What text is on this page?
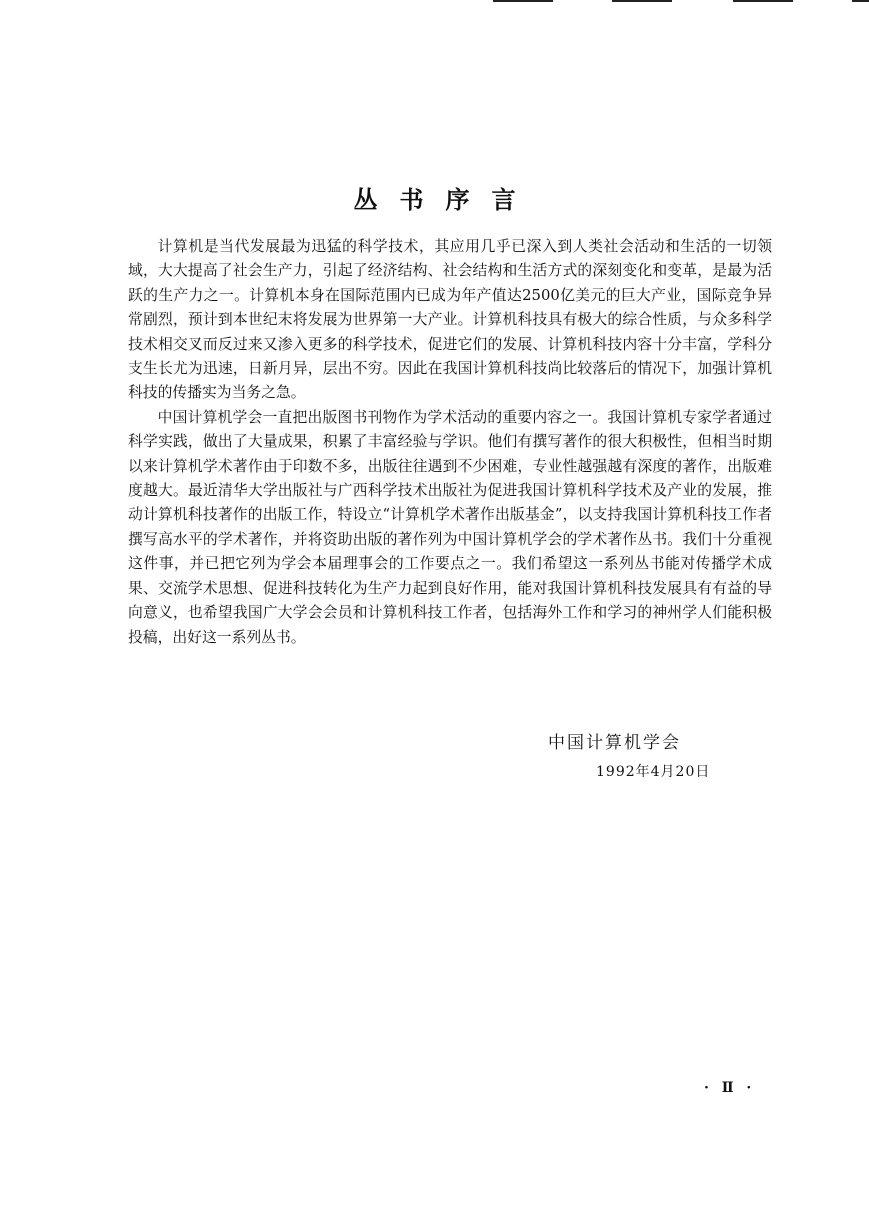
丛书序言

计算机是当代发展最为迅猛的科学技术，其应用几乎已深入到人类社会活动和生活的一切领域，大大提高了社会生产力，引起了经济结构、社会结构和生活方式的深刻变化和变革，是最为活跃的生产力之一。计算机本身在国际范围内已成为年产值达2500亿美元的巨大产业，国际竞争异常剧烈，预计到本世纪末将发展为世界第一大产业。计算机科技具有极大的综合性质，与众多科学技术相交叉而反过来又渗入更多的科学技术，促进它们的发展、计算机科技内容十分丰富，学科分支生长尤为迅速，日新月异，层出不穷。因此在我国计算机科技尚比较落后的情况下，加强计算机科技的传播实为当务之急。

中国计算机学会一直把出版图书刊物作为学术活动的重要内容之一。我国计算机专家学者通过科学实践，做出了大量成果，积累了丰富经验与学识。他们有撰写著作的很大积极性，但相当时期以来计算机学术著作由于印数不多，出版往往遇到不少困难，专业性越强越有深度的著作，出版难度越大。最近清华大学出版社与广西科学技术出版社为促进我国计算机科学技术及产业的发展，推动计算机科技著作的出版工作，特设立“计算机学术著作出版基金”，以支持我国计算机科技工作者撰写高水平的学术著作，并将资助出版的著作列为中国计算机学会的学术著作丛书。我们十分重视这件事，并已把它列为学会本届理事会的工作要点之一。我们希望这一系列丛书能对传播学术成果、交流学术思想、促进科技转化为生产力起到良好作用，能对我国计算机科技发展具有有益的导向意义，也希望我国广大学会会员和计算机科技工作者，包括海外工作和学习的神州学人们能积极投稿，出好这一系列丛书。

中国计算机学会
1992年4月20日
· Ⅱ ·
